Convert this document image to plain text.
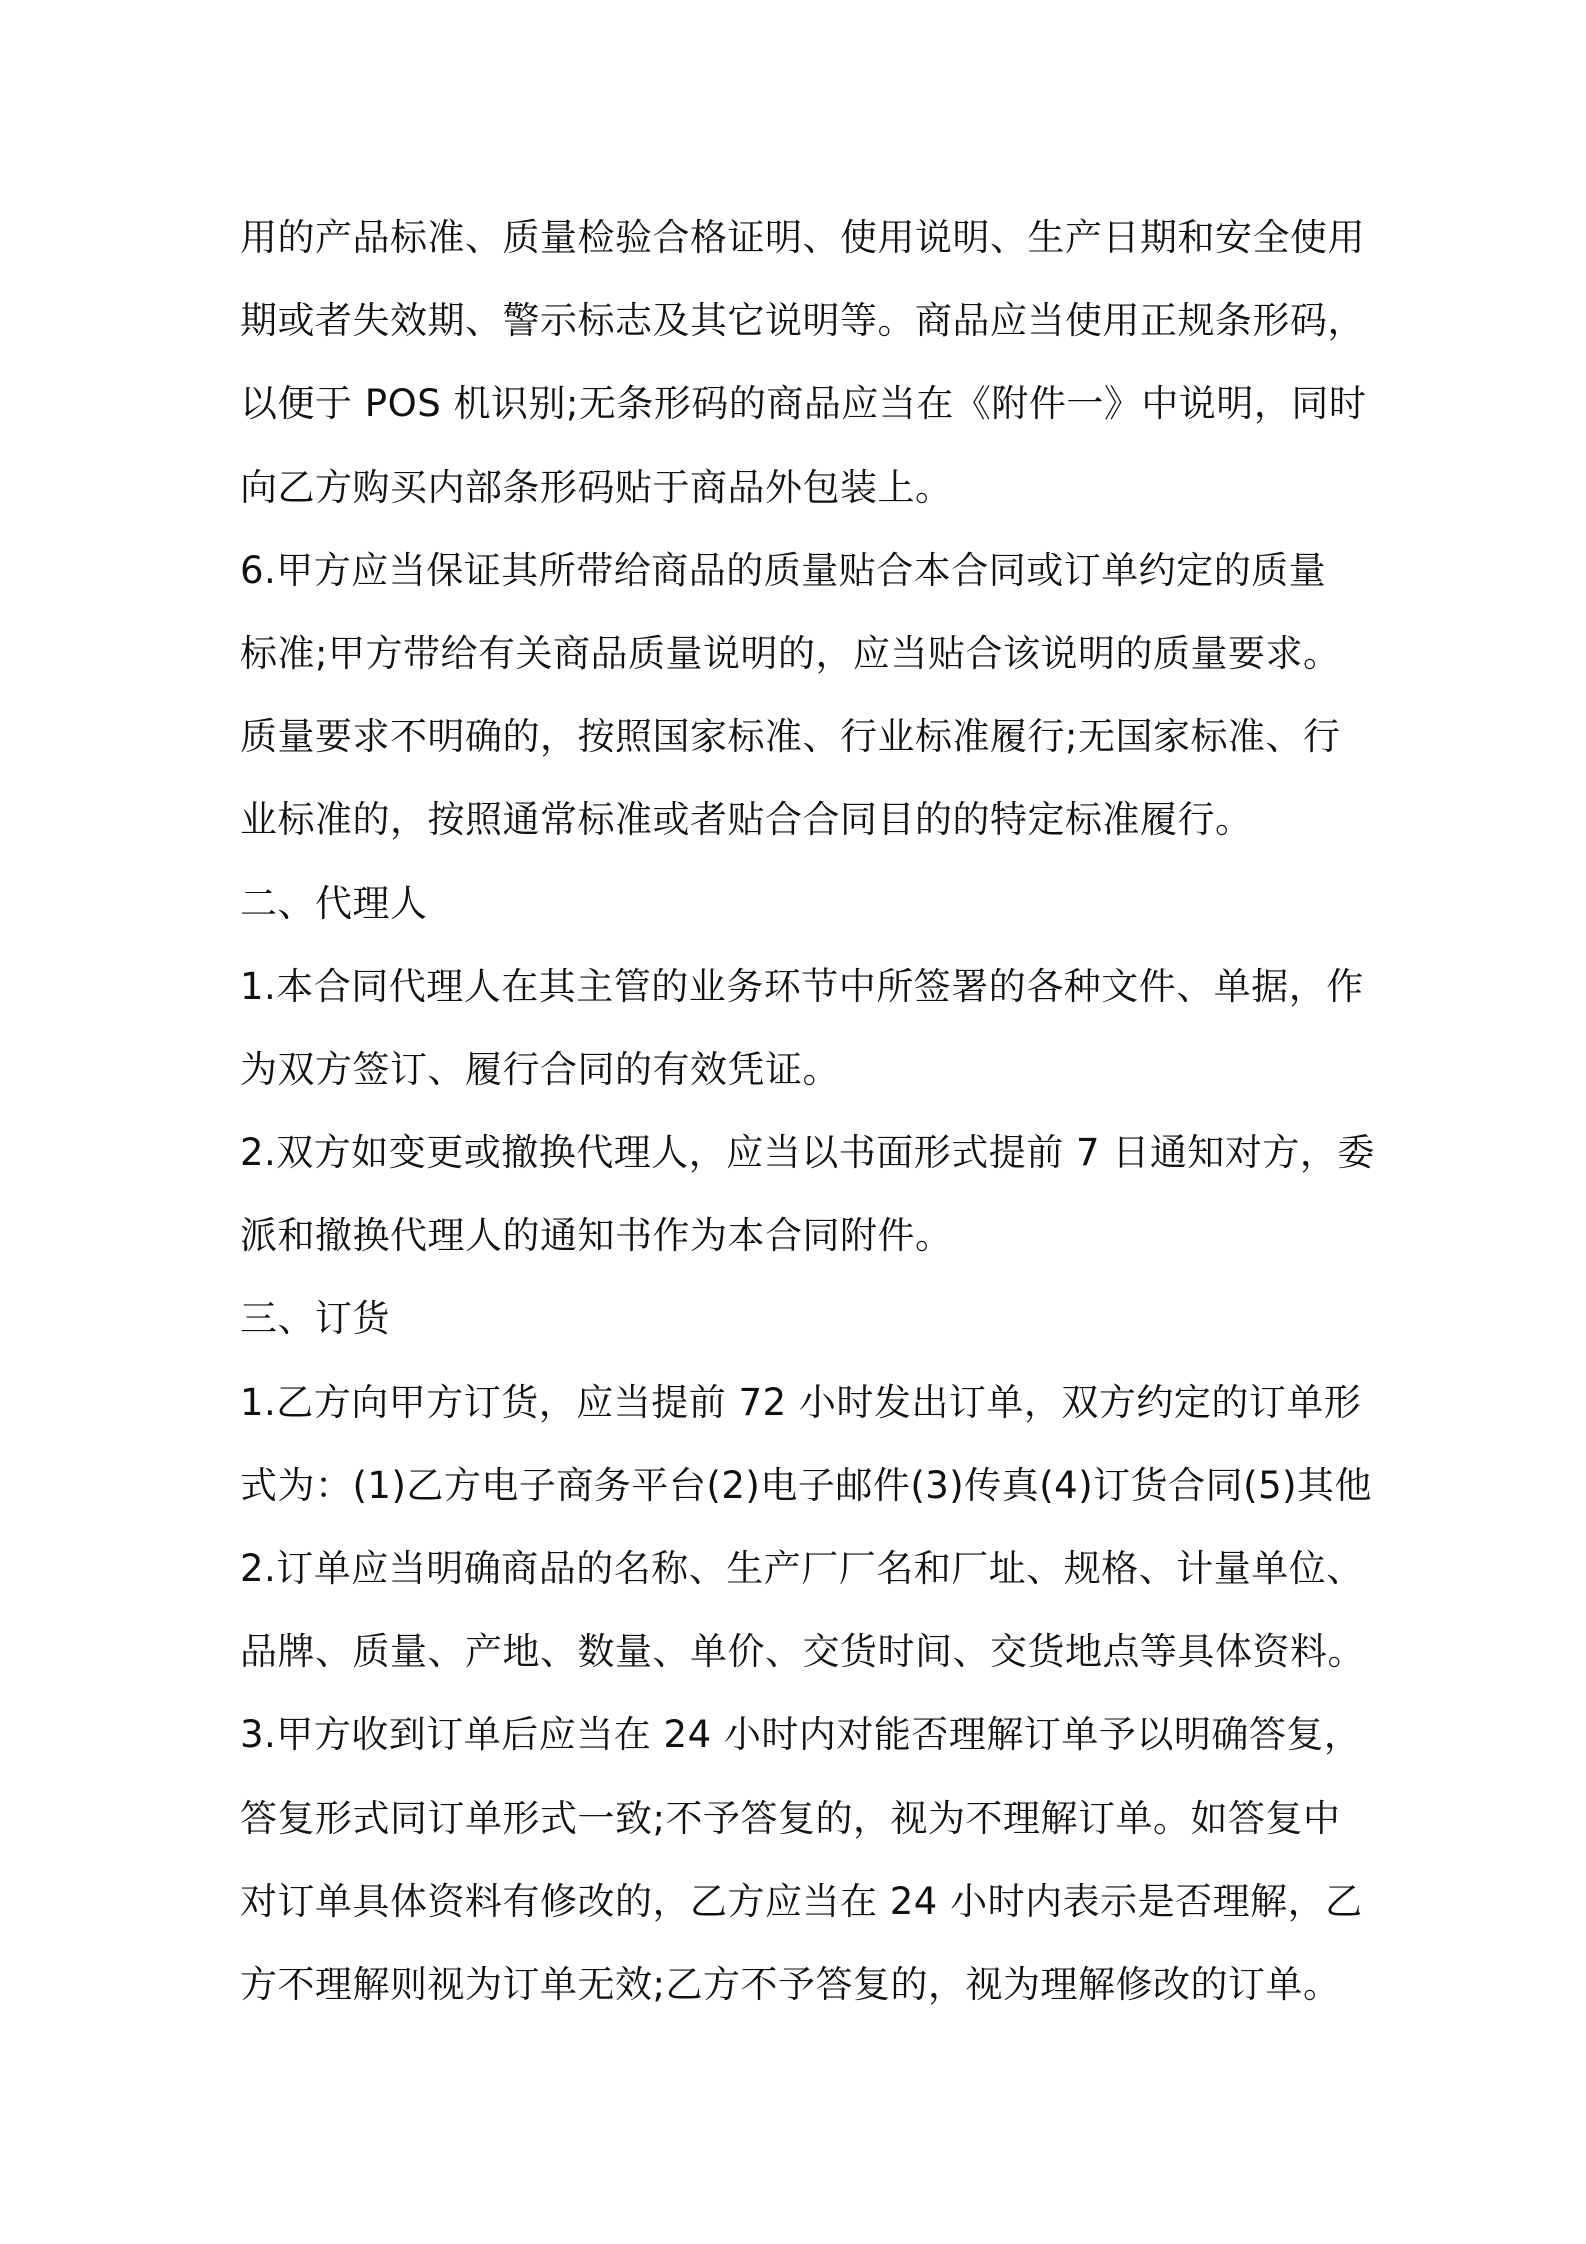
用的产品标准、质量检验合格证明、使用说明、生产日期和安全使用
期或者失效期、警示标志及其它说明等。商品应当使用正规条形码，
以便于 POS 机识别;无条形码的商品应当在《附件一》中说明，同时
向乙方购买内部条形码贴于商品外包装上。
6.甲方应当保证其所带给商品的质量贴合本合同或订单约定的质量
标准;甲方带给有关商品质量说明的，应当贴合该说明的质量要求。
质量要求不明确的，按照国家标准、行业标准履行;无国家标准、行
业标准的，按照通常标准或者贴合合同目的的特定标准履行。
二、代理人
1.本合同代理人在其主管的业务环节中所签署的各种文件、单据，作
为双方签订、履行合同的有效凭证。
2.双方如变更或撤换代理人，应当以书面形式提前 7 日通知对方，委
派和撤换代理人的通知书作为本合同附件。
三、订货
1.乙方向甲方订货，应当提前 72 小时发出订单，双方约定的订单形
式为：(1)乙方电子商务平台(2)电子邮件(3)传真(4)订货合同(5)其他
2.订单应当明确商品的名称、生产厂厂名和厂址、规格、计量单位、
品牌、质量、产地、数量、单价、交货时间、交货地点等具体资料。
3.甲方收到订单后应当在 24 小时内对能否理解订单予以明确答复，
答复形式同订单形式一致;不予答复的，视为不理解订单。如答复中
对订单具体资料有修改的，乙方应当在 24 小时内表示是否理解，乙
方不理解则视为订单无效;乙方不予答复的，视为理解修改的订单。
